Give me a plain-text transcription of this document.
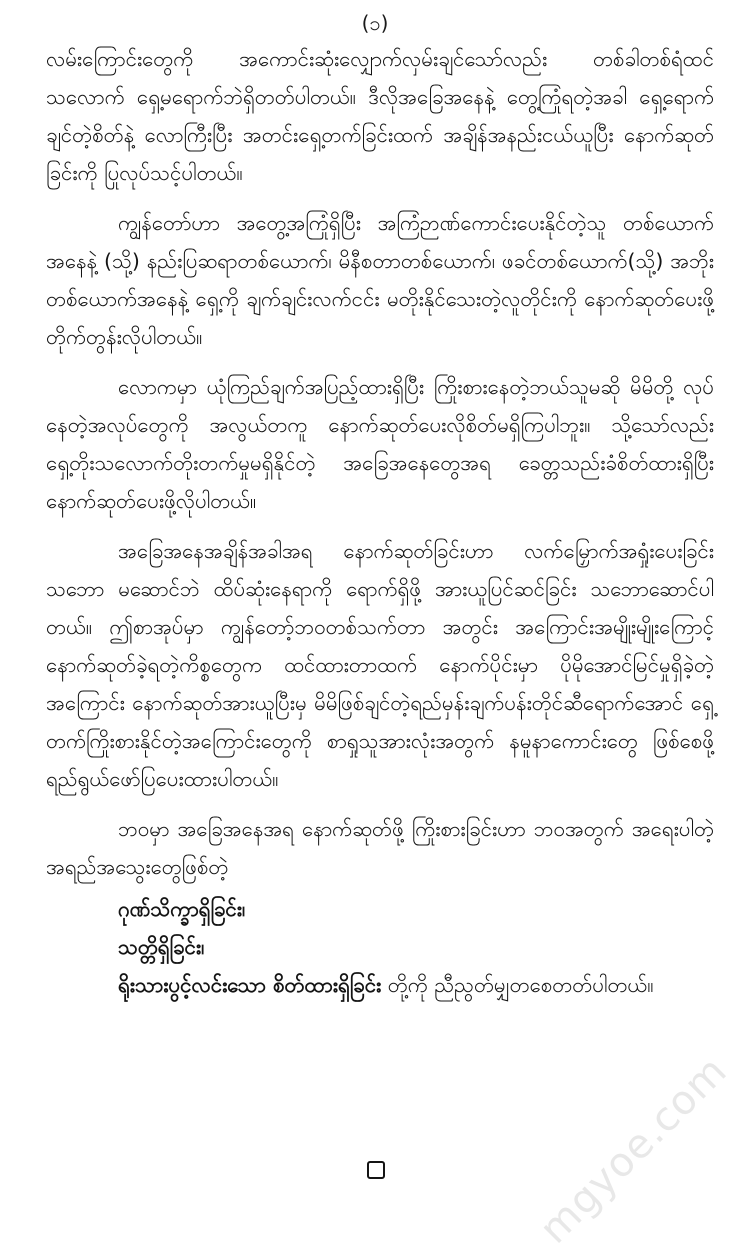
(၁)

လမ်းကြောင်းတွေကို အကောင်းဆုံးလျှောက်လှမ်းချင်သော်လည်း တစ်ခါတစ်ရံထင်သလောက် ရှေ့မရောက်ဘဲရှိတတ်ပါတယ်။ ဒီလိုအခြေအနေနဲ့ တွေ့ကြုံရတဲ့အခါ ရှေ့ရောက်ချင်တဲ့စိတ်နဲ့ လောကြီးပြီး အတင်းရှေ့တက်ခြင်းထက် အချိန်အနည်းငယ်ယူပြီး နောက်ဆုတ်ခြင်းကို ပြုလုပ်သင့်ပါတယ်။

ကျွန်တော်ဟာ အတွေ့အကြုံရှိပြီး အကြံဉာဏ်ကောင်းပေးနိုင်တဲ့သူ တစ်ယောက်အနေနဲ့ (သို့) နည်းပြဆရာတစ်ယောက်၊ မိနီစတာတစ်ယောက်၊ ဖခင်တစ်ယောက်(သို့) အဘိုးတစ်ယောက်အနေနဲ့ ရှေ့ကို ချက်ချင်းလက်ငင်း မတိုးနိုင်သေးတဲ့လူတိုင်းကို နောက်ဆုတ်ပေးဖို့ တိုက်တွန်းလိုပါတယ်။

လောကမှာ ယုံကြည်ချက်အပြည့်ထားရှိပြီး ကြိုးစားနေတဲ့ဘယ်သူမဆို မိမိတို့ လုပ်နေတဲ့အလုပ်တွေကို အလွယ်တကူ နောက်ဆုတ်ပေးလိုစိတ်မရှိကြပါဘူး။ သို့သော်လည်း ရှေ့တိုးသလောက်တိုးတက်မှုမရှိနိုင်တဲ့ အခြေအနေတွေအရ ခေတ္တသည်းခံစိတ်ထားရှိပြီး နောက်ဆုတ်ပေးဖို့လိုပါတယ်။

အခြေအနေအချိန်အခါအရ နောက်ဆုတ်ခြင်းဟာ လက်မြှောက်အရှုံးပေးခြင်းသဘော မဆောင်ဘဲ ထိပ်ဆုံးနေရာကို ရောက်ရှိဖို့ အားယူပြင်ဆင်ခြင်း သဘောဆောင်ပါတယ်။ ဤစာအုပ်မှာ ကျွန်တော့်ဘဝတစ်သက်တာ အတွင်း အကြောင်းအမျိုးမျိုးကြောင့် နောက်ဆုတ်ခဲ့ရတဲ့ကိစ္စတွေက ထင်ထားတာထက် နောက်ပိုင်းမှာ ပိုမိုအောင်မြင်မှုရှိခဲ့တဲ့အကြောင်း နောက်ဆုတ်အားယူပြီးမှ မိမိဖြစ်ချင်တဲ့ရည်မှန်းချက်ပန်းတိုင်ဆီရောက်အောင် ရှေ့တက်ကြိုးစားနိုင်တဲ့အကြောင်းတွေကို စာရှုသူအားလုံးအတွက် နမူနာကောင်းတွေ ဖြစ်စေဖို့ ရည်ရွယ်ဖော်ပြပေးထားပါတယ်။

ဘဝမှာ အခြေအနေအရ နောက်ဆုတ်ဖို့ ကြိုးစားခြင်းဟာ ဘဝအတွက် အရေးပါတဲ့အရည်အသွေးတွေဖြစ်တဲ့

ဂုဏ်သိက္ခာရှိခြင်း၊

သတ္တိရှိခြင်း၊

ရိုးသားပွင့်လင်းသော စိတ်ထားရှိခြင်း တို့ကို ညီညွတ်မျှတစေတတ်ပါတယ်။

mgyoe.com
